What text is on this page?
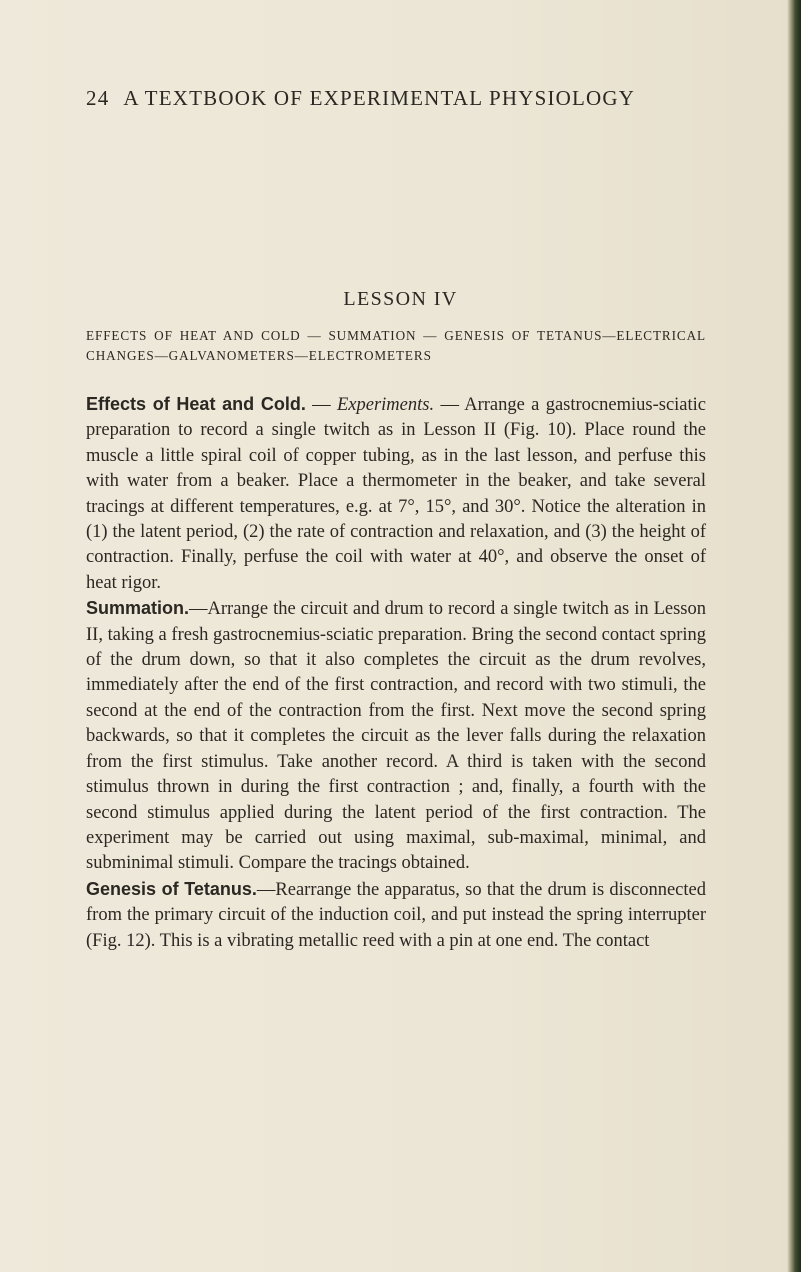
24 A TEXTBOOK OF EXPERIMENTAL PHYSIOLOGY
LESSON IV
EFFECTS OF HEAT AND COLD — SUMMATION — GENESIS OF TETANUS—ELECTRICAL CHANGES—GALVANOMETERS—ELECTROMETERS

Effects of Heat and Cold. — Experiments. — Arrange a gastrocnemius-sciatic preparation to record a single twitch as in Lesson II (Fig. 10). Place round the muscle a little spiral coil of copper tubing, as in the last lesson, and perfuse this with water from a beaker. Place a thermometer in the beaker, and take several tracings at different temperatures, e.g. at 7°, 15°, and 30°. Notice the alteration in (1) the latent period, (2) the rate of contraction and relaxation, and (3) the height of contraction. Finally, perfuse the coil with water at 40°, and observe the onset of heat rigor.

Summation.—Arrange the circuit and drum to record a single twitch as in Lesson II, taking a fresh gastrocnemius-sciatic preparation. Bring the second contact spring of the drum down, so that it also completes the circuit as the drum revolves, immediately after the end of the first contraction, and record with two stimuli, the second at the end of the contraction from the first. Next move the second spring backwards, so that it completes the circuit as the lever falls during the relaxation from the first stimulus. Take another record. A third is taken with the second stimulus thrown in during the first contraction ; and, finally, a fourth with the second stimulus applied during the latent period of the first contraction. The experiment may be carried out using maximal, sub-maximal, minimal, and subminimal stimuli. Compare the tracings obtained.

Genesis of Tetanus.—Rearrange the apparatus, so that the drum is disconnected from the primary circuit of the induction coil, and put instead the spring interrupter (Fig. 12). This is a vibrating metallic reed with a pin at one end. The contact
